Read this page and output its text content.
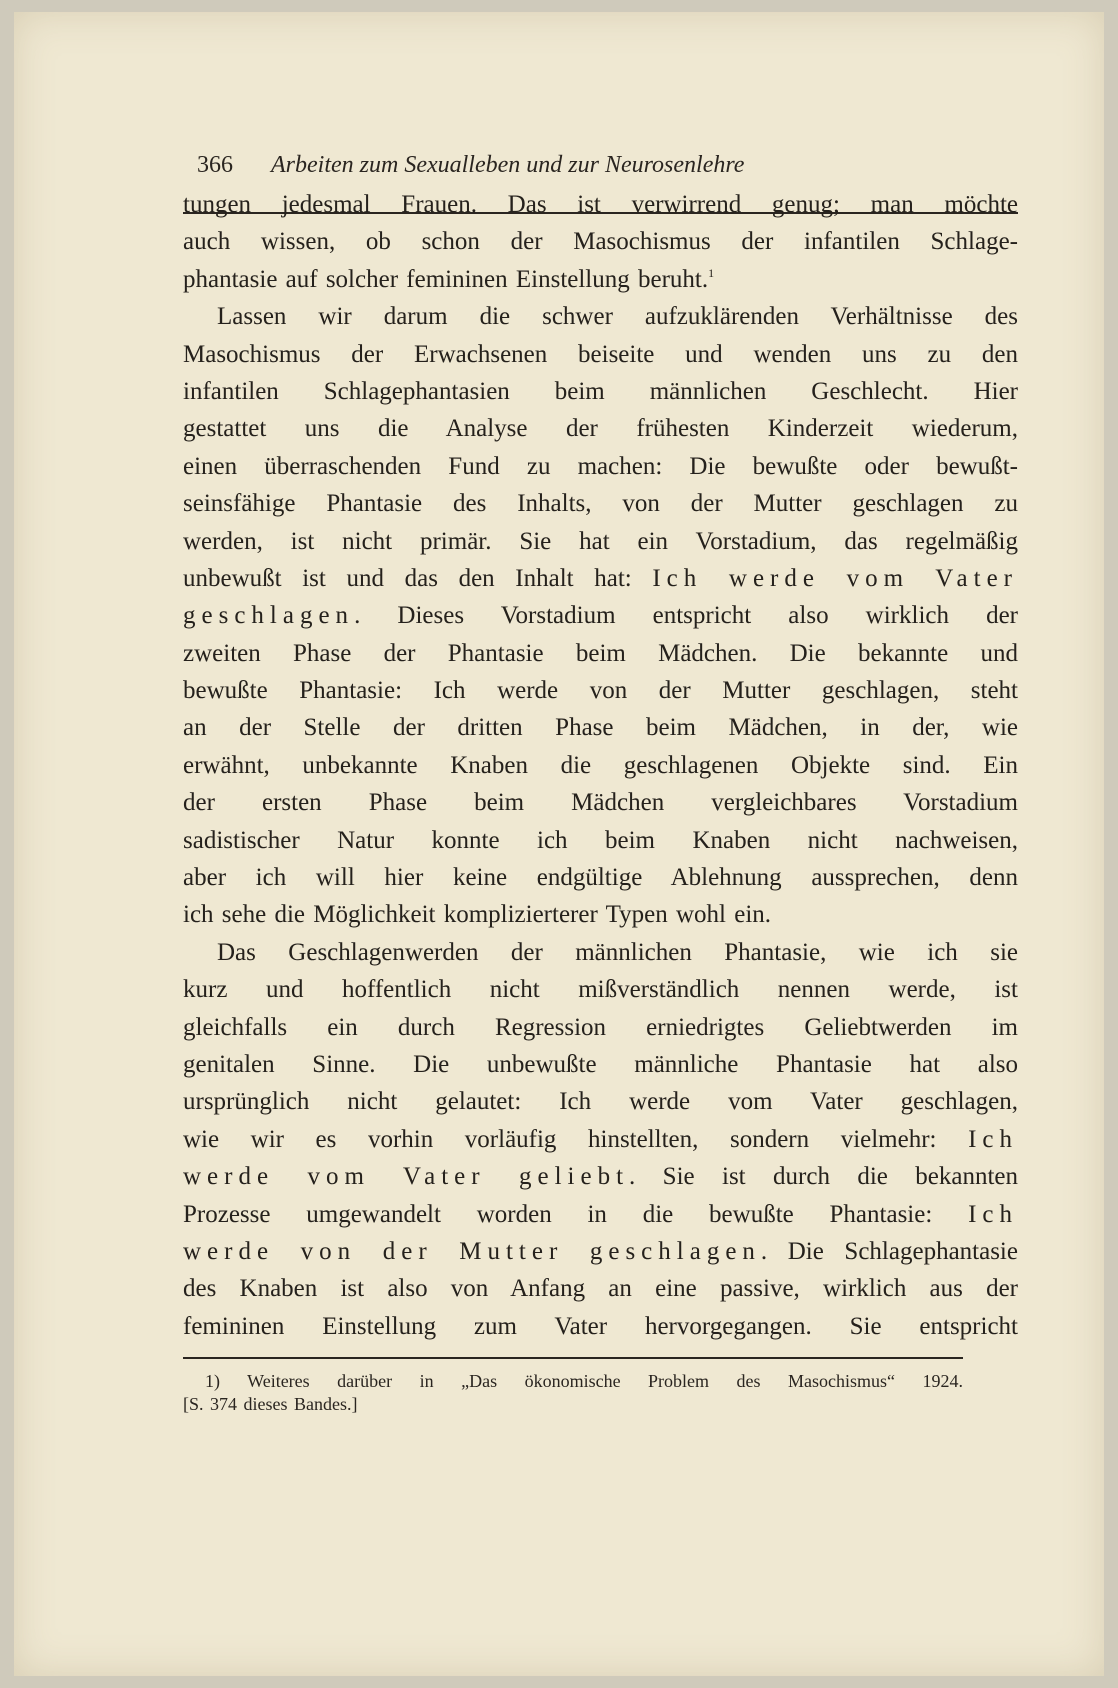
366 Arbeiten zum Sexualleben und zur Neurosenlehre
tungen jedesmal Frauen. Das ist verwirrend genug; man möchte
auch wissen, ob schon der Masochismus der infantilen Schlage-
phantasie auf solcher femininen Einstellung beruht.$^1$
Lassen wir darum die schwer aufzuklärenden Verhältnisse des
Masochismus der Erwachsenen beiseite und wenden uns zu den
infantilen Schlagephantasien beim männlichen Geschlecht. Hier
gestattet uns die Analyse der frühesten Kinderzeit wiederum,
einen überraschenden Fund zu machen: Die bewußte oder bewußt-
seinsfähige Phantasie des Inhalts, von der Mutter geschlagen zu
werden, ist nicht primär. Sie hat ein Vorstadium, das regelmäßig
unbewußt ist und das den Inhalt hat: Ich werde vom Vater
geschlagen. Dieses Vorstadium entspricht also wirklich der
zweiten Phase der Phantasie beim Mädchen. Die bekannte und
bewußte Phantasie: Ich werde von der Mutter geschlagen, steht
an der Stelle der dritten Phase beim Mädchen, in der, wie
erwähnt, unbekannte Knaben die geschlagenen Objekte sind. Ein
der ersten Phase beim Mädchen vergleichbares Vorstadium
sadistischer Natur konnte ich beim Knaben nicht nachweisen,
aber ich will hier keine endgültige Ablehnung aussprechen, denn
ich sehe die Möglichkeit komplizierterer Typen wohl ein.
Das Geschlagenwerden der männlichen Phantasie, wie ich sie
kurz und hoffentlich nicht mißverständlich nennen werde, ist
gleichfalls ein durch Regression erniedrigtes Geliebtwerden im
genitalen Sinne. Die unbewußte männliche Phantasie hat also
ursprünglich nicht gelautet: Ich werde vom Vater geschlagen,
wie wir es vorhin vorläufig hinstellten, sondern vielmehr: Ich
werde vom Vater geliebt. Sie ist durch die bekannten
Prozesse umgewandelt worden in die bewußte Phantasie: Ich
werde von der Mutter geschlagen. Die Schlagephantasie
des Knaben ist also von Anfang an eine passive, wirklich aus der
femininen Einstellung zum Vater hervorgegangen. Sie entspricht
1) Weiteres darüber in „Das ökonomische Problem des Masochismus“ 1924.
[S. 374 dieses Bandes.]
